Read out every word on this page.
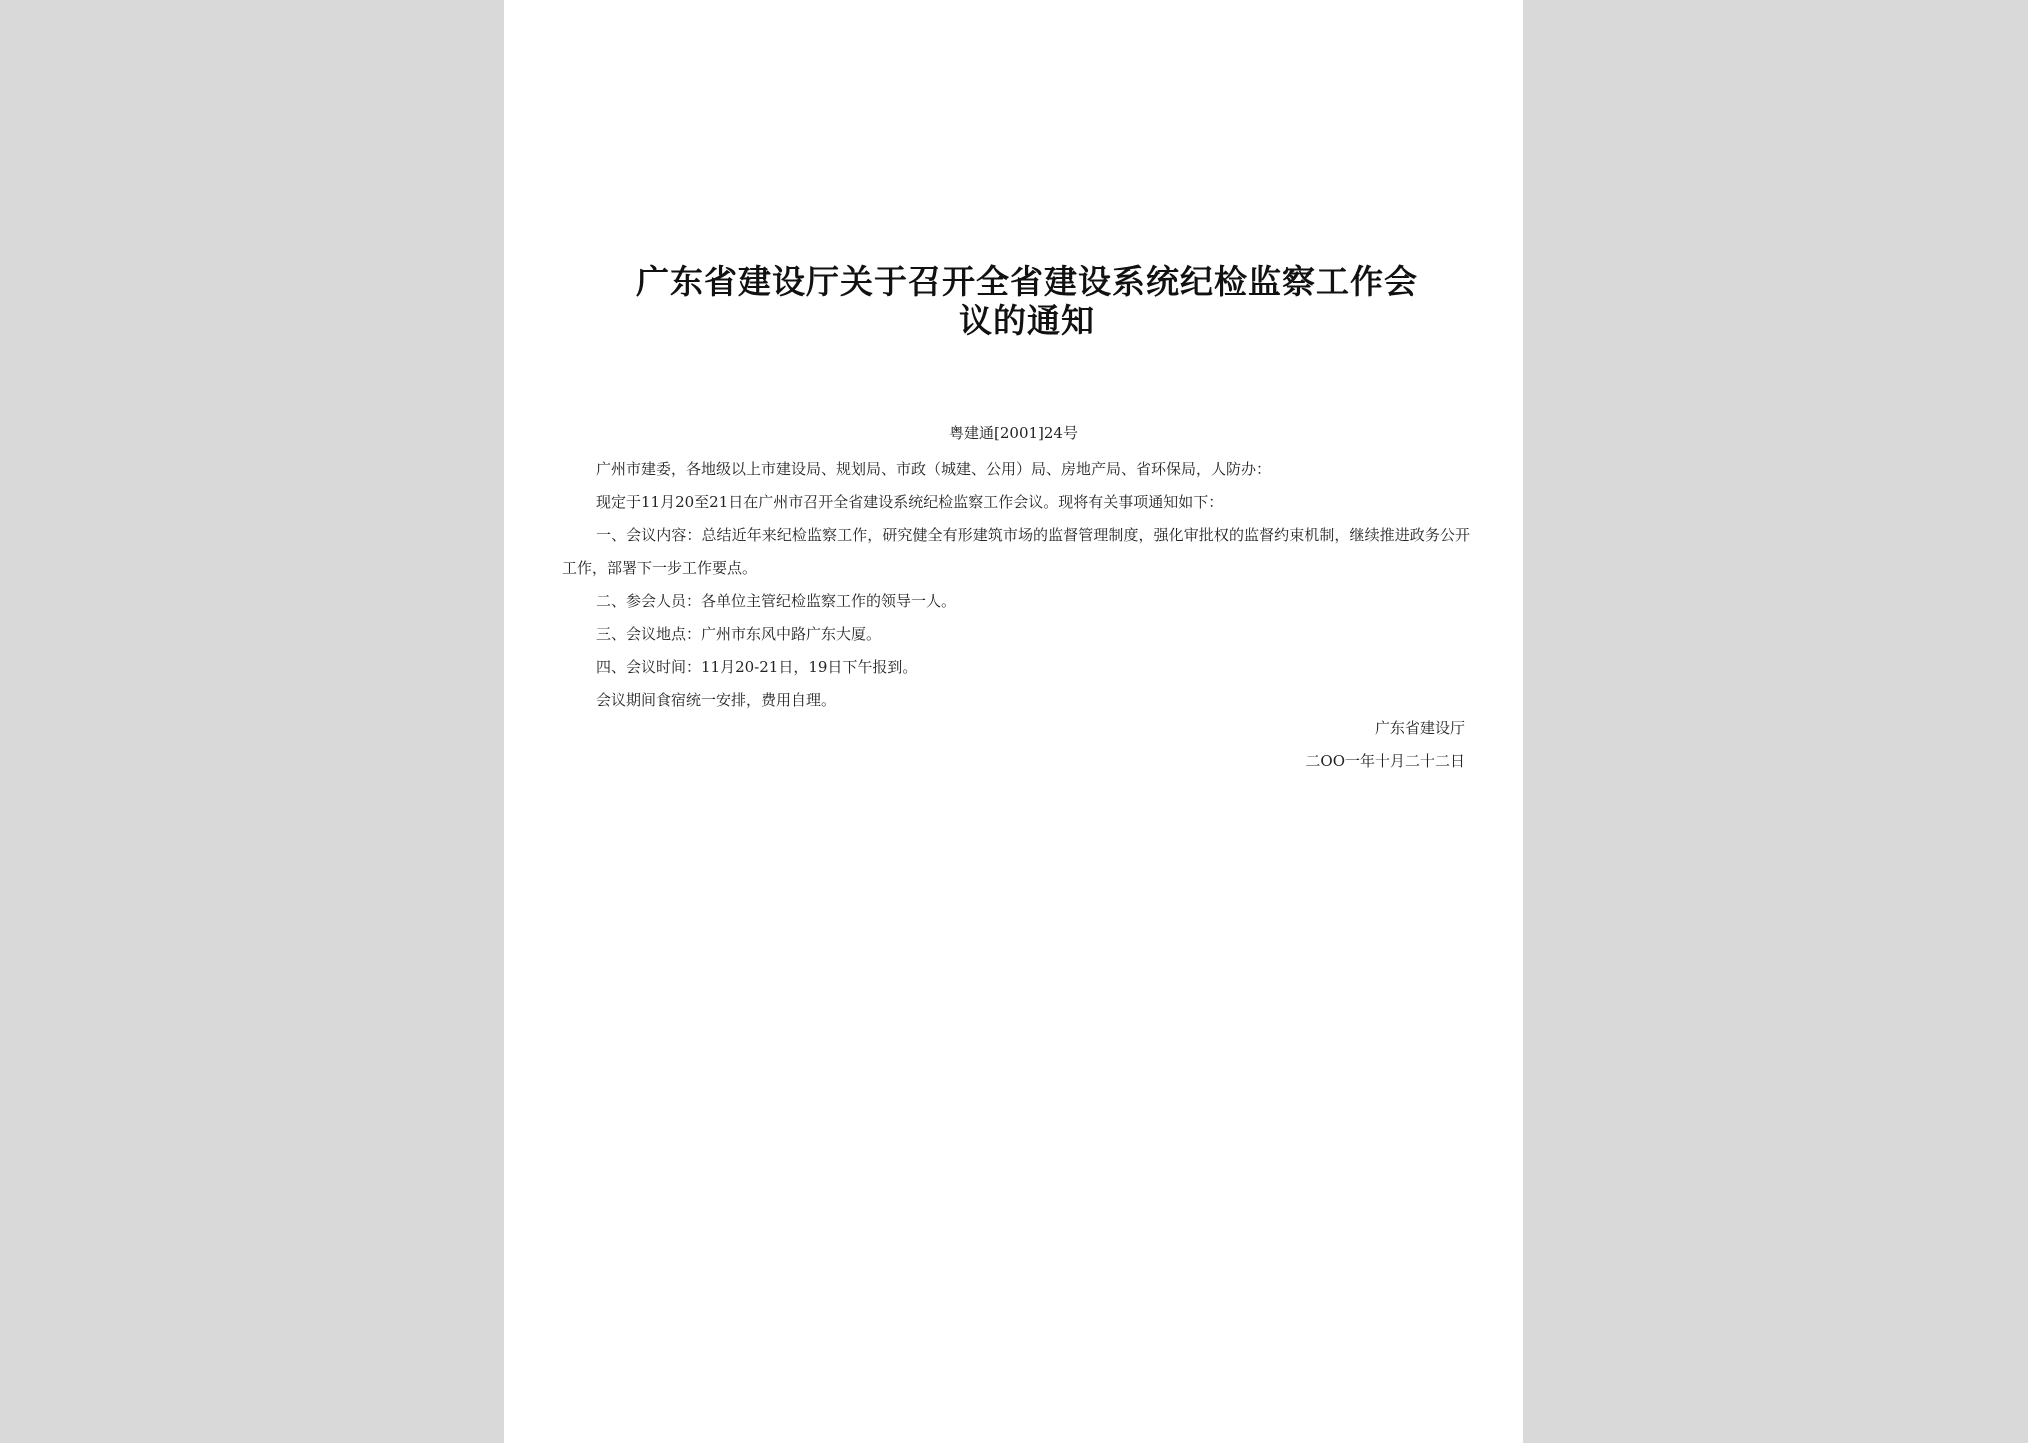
广东省建设厅关于召开全省建设系统纪检监察工作会
议的通知
粤建通[2001]24号

广州市建委，各地级以上市建设局、规划局、市政（城建、公用）局、房地产局、省环保局，人防办：

现定于11月20至21日在广州市召开全省建设系统纪检监察工作会议。现将有关事项通知如下：

一、会议内容：总结近年来纪检监察工作，研究健全有形建筑市场的监督管理制度，强化审批权的监督约束机制，继续推进政务公开工作，部署下一步工作要点。

二、参会人员：各单位主管纪检监察工作的领导一人。

三、会议地点：广州市东风中路广东大厦。

四、会议时间：11月20-21日，19日下午报到。

会议期间食宿统一安排，费用自理。

广东省建设厅
二OO一年十月二十二日
